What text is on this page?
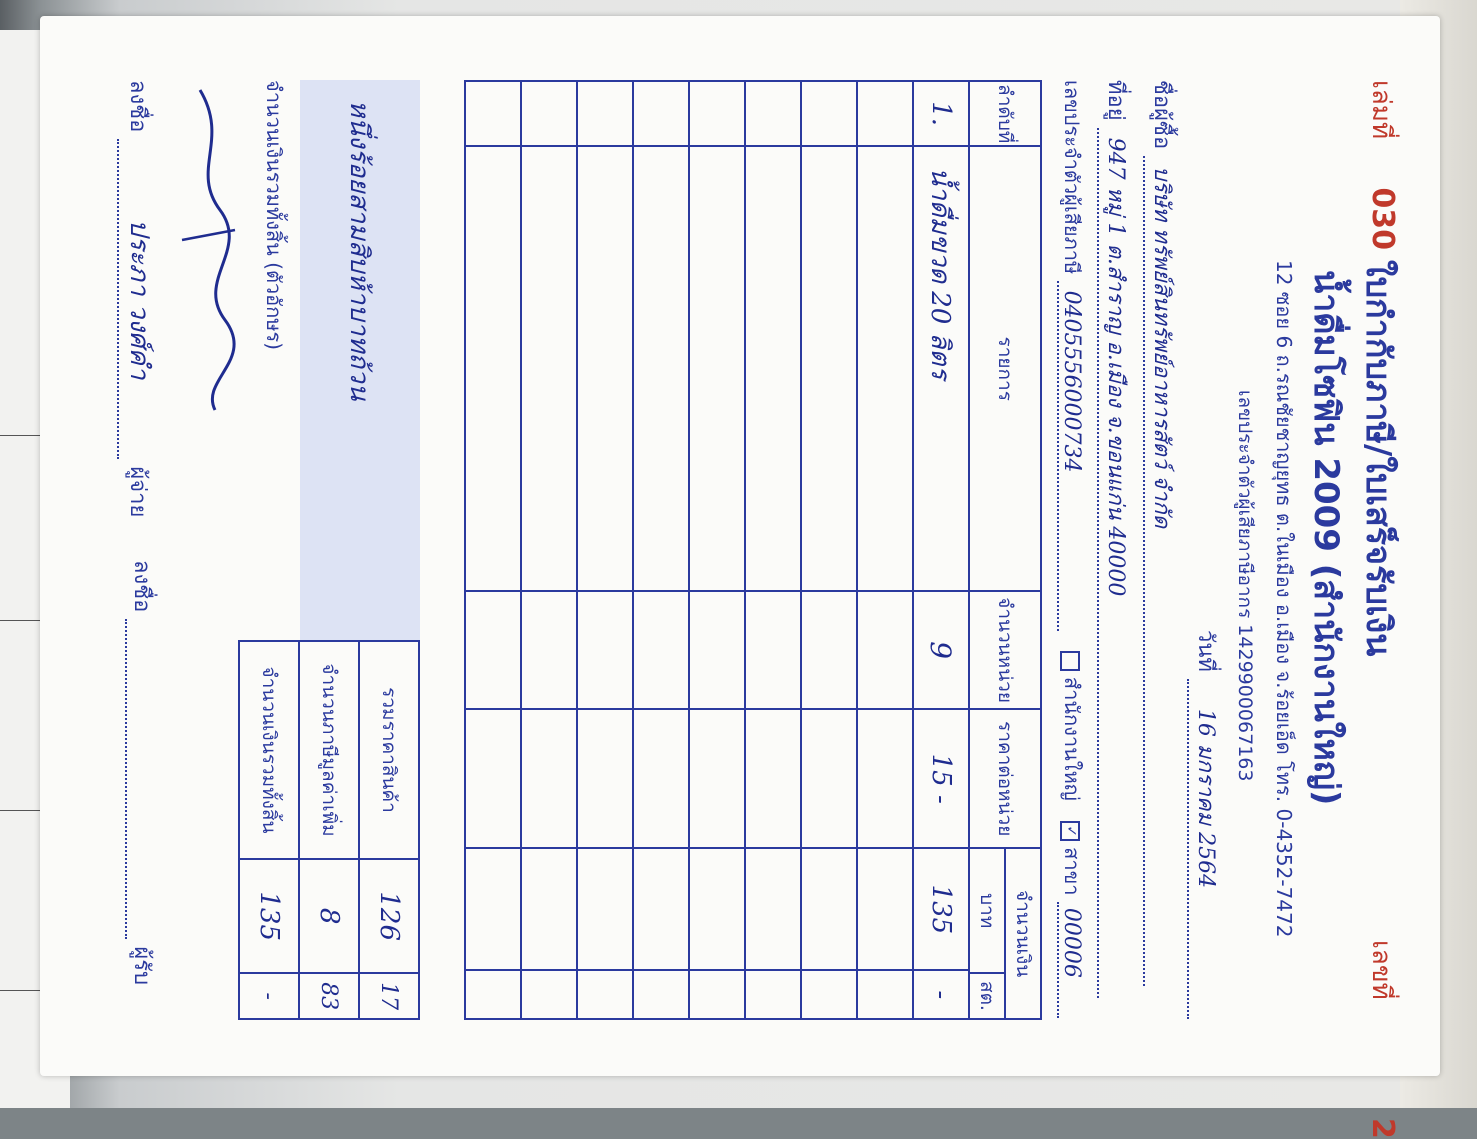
เล่มที่ 030
ใบกำกับภาษี/ใบเสร็จรับเงิน
เลขที่ 2
น้ำดื่มโซฟิน 2009 (สำนักงานใหญ่)
12 ซอย 6 ถ.รณชัยชาญยุทธ ต.ในเมือง อ.เมือง จ.ร้อยเอ็ด โทร. 0-4352-7472
เลขประจำตัวผู้เสียภาษีอากร 1429900067163
วันที่ 16 มกราคม 2564
ชื่อผู้ซื้อ บริษัท ทรัพย์สินทรัพย์อาหารสัตว์ จำกัด
ที่อยู่ 947 หมู่ 1 ต.สำราญ อ.เมือง จ.ขอนแก่น 40000
เลขประจำตัวผู้เสียภาษี 0405556000734 สำนักงานใหญ่
✓
สาขา 00006
ลำดับที่	รายการ	จำนวนหน่วย	ราคาต่อหน่วย	จำนวนเงิน
บาท
สต.	

1.	น้ำดื่มขวด 20 ลิตร	9	15 -	135	-

หนึ่งร้อยสามสิบห้าบาทถ้วน
จำนวนเงินรวมทั้งสิ้น (ตัวอักษร)
รวมราคาสินค้า	126	17
จำนวนภาษีมูลค่าเพิ่ม	8	83
จำนวนเงินรวมทั้งสิ้น	135	-
ลงชื่อ ประภา วงศ์คำ ผู้จ่าย
ลงชื่อ  ผู้รับ
